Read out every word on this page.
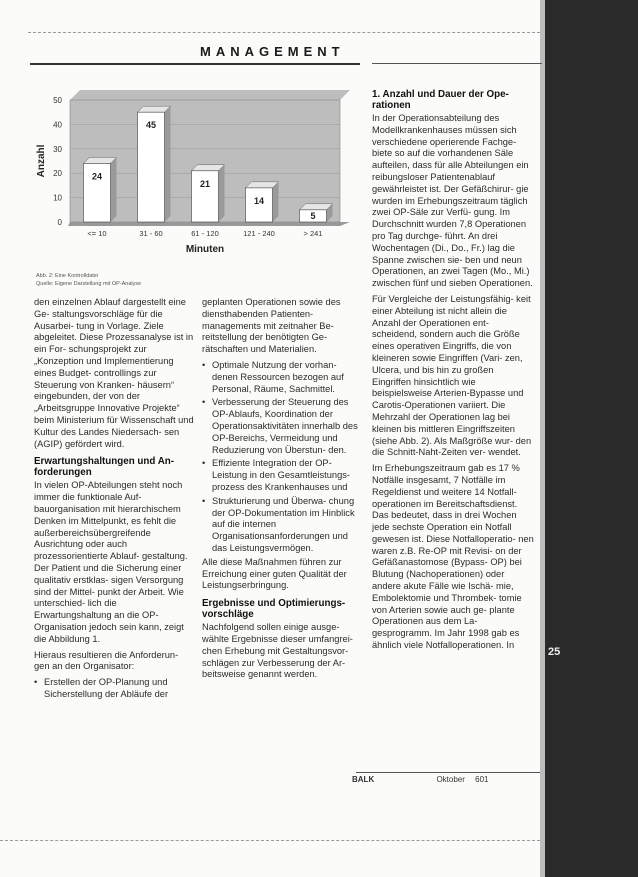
25
MANAGEMENT
0
10
20
30
40
50
Anzahl	24
<= 10
45
31 - 60
21
61 - 120
14
121 - 240
5
> 241
Minuten
Abb. 2: Eine Kontrolldatei
Quelle: Eigene Darstellung mit OP-Analyse

den einzelnen Ablauf dargestellt eine Ge- staltungsvorschläge für die Ausarbei- tung in Vorlage. Ziele abgeleitet. Diese Prozessanalyse ist in ein For- schungsprojekt zur „Konzeption und Implementierung eines Budget- controllings zur Steuerung von Kranken- häusern“ eingebunden, der von der „Arbeitsgruppe Innovative Projekte“ beim Ministerium für Wissenschaft und Kultur des Landes Niedersach- sen (AGIP) gefördert wird.

Erwartungshaltungen und An- forderungen

In vielen OP-Abteilungen steht noch immer die funktionale Auf- bauorganisation mit hierarchischem Denken im Mittelpunkt, es fehlt die außerbereichsübergreifende Ausrichtung oder auch prozessorientierte Ablauf- gestaltung. Der Patient und die Sicherung einer qualitativ erstklas- sigen Versorgung sind der Mittel- punkt der Arbeit. Wie unterschied- lich die Erwartungshaltung an die OP-Organisation jedoch sein kann, zeigt die Abbildung 1.

Hieraus resultieren die Anforderun- gen an den Organisator:

• Erstellen der OP-Planung und Sicherstellung der Abläufe der

geplanten Operationen sowie des diensthabenden Patienten- managements mit zeitnaher Be- reitstellung der benötigten Ge- rätschaften und Materialien.

• Optimale Nutzung der vorhan- denen Ressourcen bezogen auf Personal, Räume, Sachmittel.
• Verbesserung der Steuerung des OP-Ablaufs, Koordination der Operationsaktivitäten innerhalb des OP-Bereichs, Vermeidung und Reduzierung von Überstun- den.
• Effiziente Integration der OP- Leistung in den Gesamtleistungs- prozess des Krankenhauses und
• Strukturierung und Überwa- chung der OP-Dokumentation im Hinblick auf die internen Organisationsanforderungen und das Leistungsvermögen.

Alle diese Maßnahmen führen zur Erreichung einer guten Qualität der Leistungserbringung.

Ergebnisse und Optimierungs- vorschläge

Nachfolgend sollen einige ausge- wählte Ergebnisse dieser umfangrei- chen Erhebung mit Gestaltungsvor- schlägen zur Verbesserung der Ar- beitsweise genannt werden.

1. Anzahl und Dauer der Ope- rationen

In der Operationsabteilung des Modellkrankenhauses müssen sich verschiedene operierende Fachge- biete so auf die vorhandenen Säle aufteilen, dass für alle Abteilungen ein reibungsloser Patientenablauf gewährleistet ist. Der Gefäßchirur- gie wurden im Erhebungszeitraum täglich zwei OP-Säle zur Verfü- gung. Im Durchschnitt wurden 7,8 Operationen pro Tag durchge- führt. An drei Wochentagen (Di., Do., Fr.) lag die Spanne zwischen sie- ben und neun Operationen, an zwei Tagen (Mo., Mi.) zwischen fünf und sieben Operationen.

Für Vergleiche der Leistungsfähig- keit einer Abteilung ist nicht allein die Anzahl der Operationen ent- scheidend, sondern auch die Größe eines operativen Eingriffs, die von kleineren sowie Eingriffen (Vari- zen, Ulcera, und bis hin zu großen Eingriffen hinsichtlich wie beispielsweise Arterien-Bypasse und Carotis-Operationen variiert. Die Mehrzahl der Operationen lag bei kleinen bis mittleren Eingriffszeiten (siehe Abb. 2). Als Maßgröße wur- den die Schnitt-Naht-Zeiten ver- wendet.

Im Erhebungszeitraum gab es 17 % Notfälle insgesamt, 7 Notfälle im Regeldienst und weitere 14 Notfall- operationen im Bereitschaftsdienst. Das bedeutet, dass in drei Wochen jede sechste Operation ein Notfall gewesen ist. Diese Notfalloperatio- nen waren z.B. Re-OP mit Revisi- on der Gefäßanastomose (Bypass- OP) bei Blutung (Nachoperationen) oder andere akute Fälle wie Ischä- mie, Embolektomie und Thrombek- tomie von Arterien sowie auch ge- plante Operationen aus dem La- gesprogramm. Im Jahr 1998 gab es ähnlich viele Notfalloperationen. In

BALK	Oktober 601
